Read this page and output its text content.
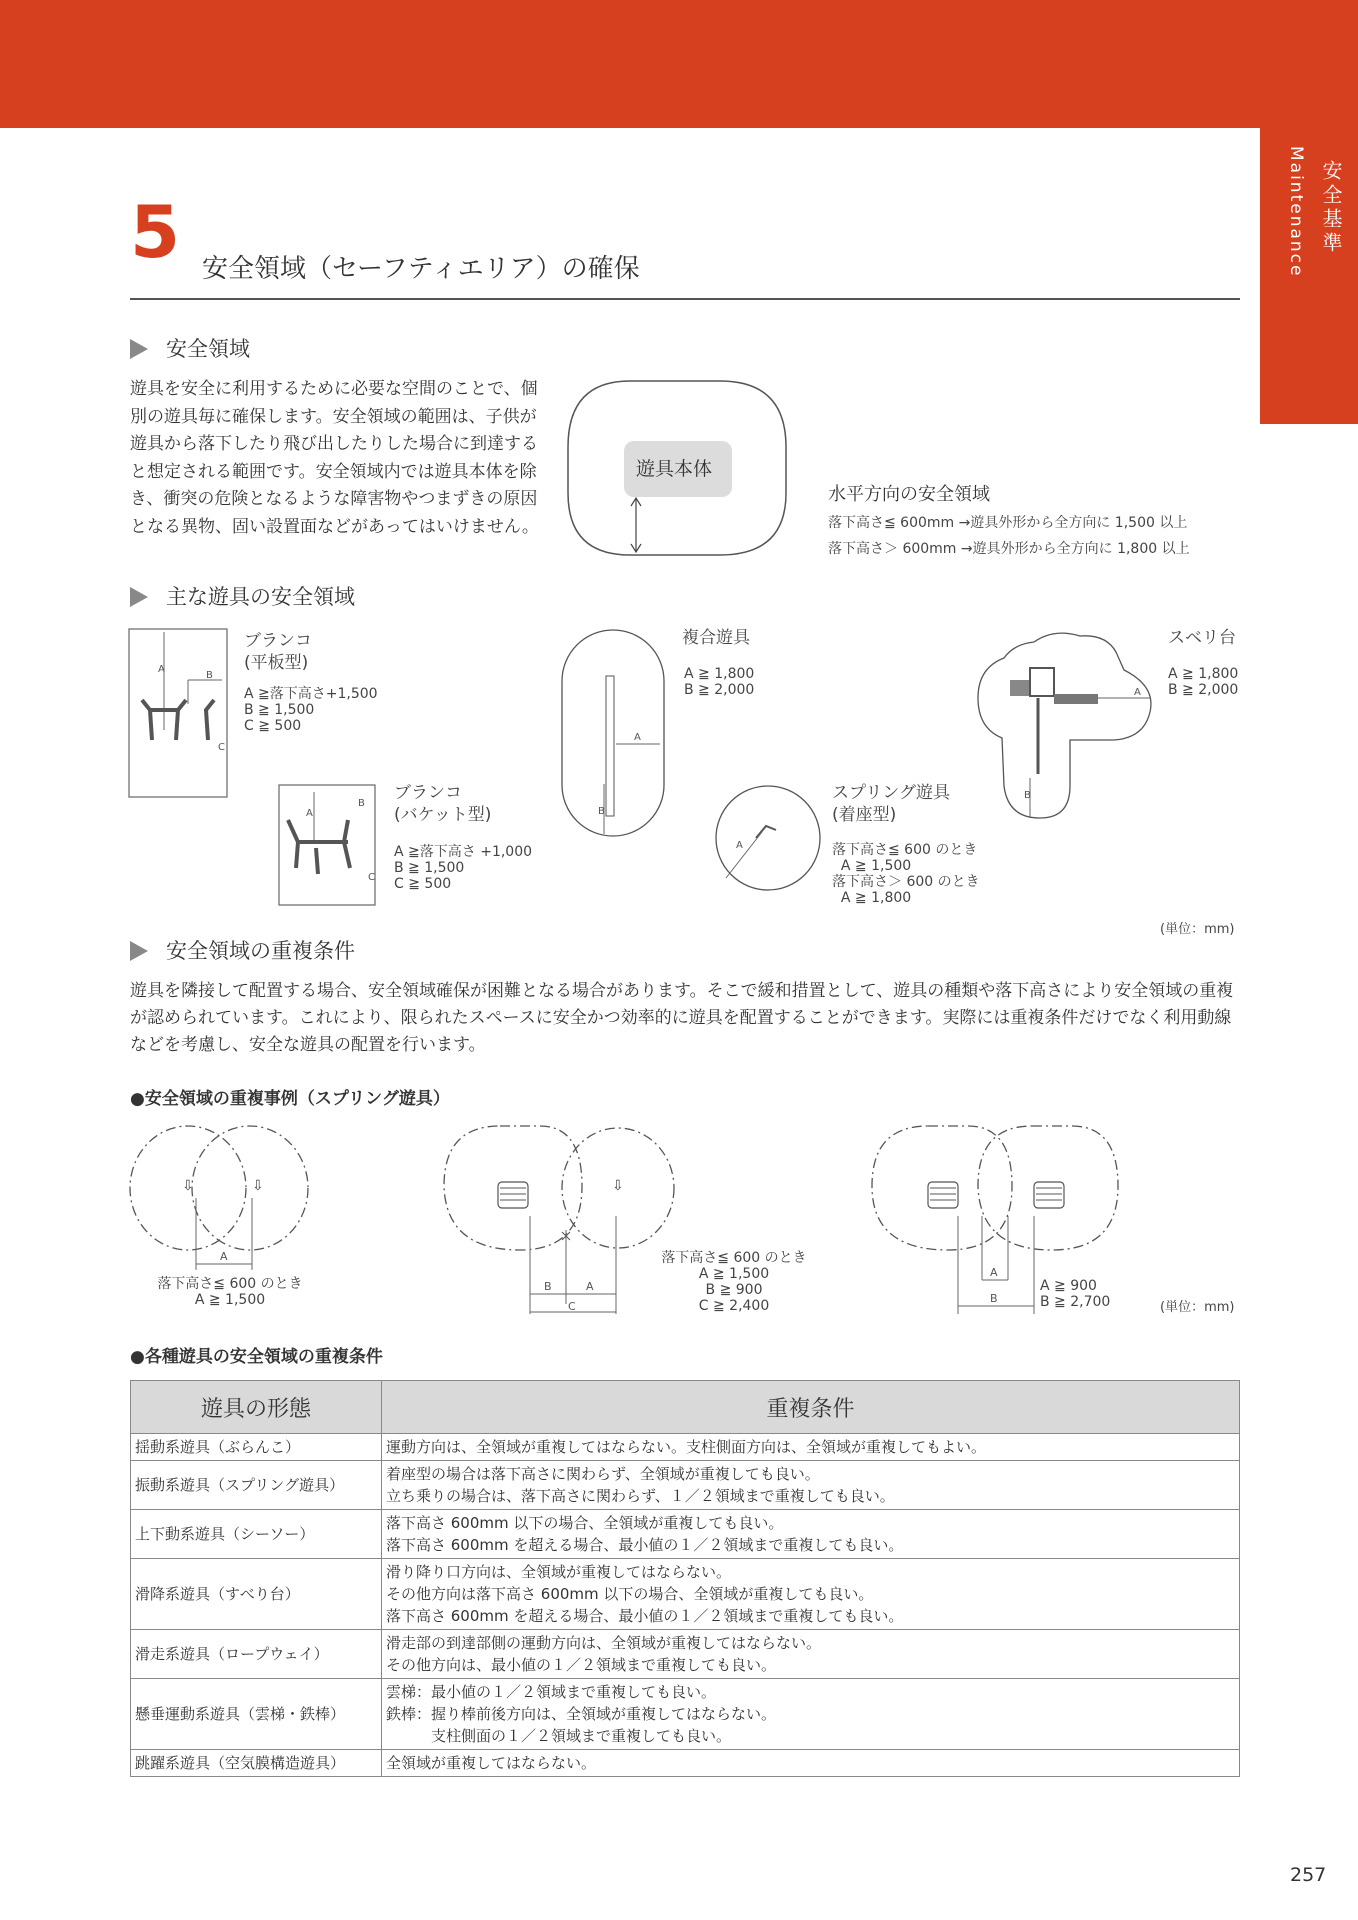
安全基準
Maintenance
5 安全領域（セーフティエリア）の確保
安全領域
遊具を安全に利用するために必要な空間のことで、個別の遊具毎に確保します。安全領域の範囲は、子供が遊具から落下したり飛び出したりした場合に到達すると想定される範囲です。安全領域内では遊具本体を除き、衝突の危険となるような障害物やつまずきの原因となる異物、固い設置面などがあってはいけません。
遊具本体
水平方向の安全領域
落下高さ≦ 600mm →遊具外形から全方向に 1,500 以上
落下高さ＞ 600mm →遊具外形から全方向に 1,800 以上
主な遊具の安全領域
A
B
C
ブランコ
(平板型)
A ≧落下高さ+1,500
B ≧ 1,500
C ≧ 500
A
B
C
ブランコ
(バケット型)
A ≧落下高さ +1,000
B ≧ 1,500
C ≧ 500
A
B
複合遊具
A ≧ 1,800
B ≧ 2,000
A
スプリング遊具
(着座型)
落下高さ≦ 600 のとき
A ≧ 1,500
落下高さ＞ 600 のとき
A ≧ 1,800
A
B
スベリ台
A ≧ 1,800
B ≧ 2,000
(単位：mm)
安全領域の重複条件
遊具を隣接して配置する場合、安全領域確保が困難となる場合があります。そこで緩和措置として、遊具の種類や落下高さにより安全領域の重複が認められています。これにより、限られたスペースに安全かつ効率的に遊具を配置することができます。実際には重複条件だけでなく利用動線などを考慮し、安全な遊具の配置を行います。
●安全領域の重複事例（スプリング遊具）
⇩	⇩
A
落下高さ≦ 600 のとき
A ≧ 1,500
⇩
B	A
C
落下高さ≦ 600 のとき
A ≧ 1,500
B ≧ 900
C ≧ 2,400
A
B
A ≧ 900
B ≧ 2,700	(単位：mm)
●各種遊具の安全領域の重複条件
遊具の形態	重複条件
揺動系遊具（ぶらんこ）	運動方向は、全領域が重複してはならない。支柱側面方向は、全領域が重複してもよい。
振動系遊具（スプリング遊具）	着座型の場合は落下高さに関わらず、全領域が重複しても良い。
立ち乗りの場合は、落下高さに関わらず、１／２領域まで重複しても良い。
上下動系遊具（シーソー）	落下高さ 600mm 以下の場合、全領域が重複しても良い。
落下高さ 600mm を超える場合、最小値の１／２領域まで重複しても良い。
滑降系遊具（すべり台）	滑り降り口方向は、全領域が重複してはならない。
その他方向は落下高さ 600mm 以下の場合、全領域が重複しても良い。
落下高さ 600mm を超える場合、最小値の１／２領域まで重複しても良い。
滑走系遊具（ロープウェイ）	滑走部の到達部側の運動方向は、全領域が重複してはならない。
その他方向は、最小値の１／２領域まで重複しても良い。
懸垂運動系遊具（雲梯・鉄棒）	雲梯：最小値の１／２領域まで重複しても良い。
鉄棒：握り棒前後方向は、全領域が重複してはならない。
　　　支柱側面の１／２領域まで重複しても良い。
跳躍系遊具（空気膜構造遊具）	全領域が重複してはならない。
257
